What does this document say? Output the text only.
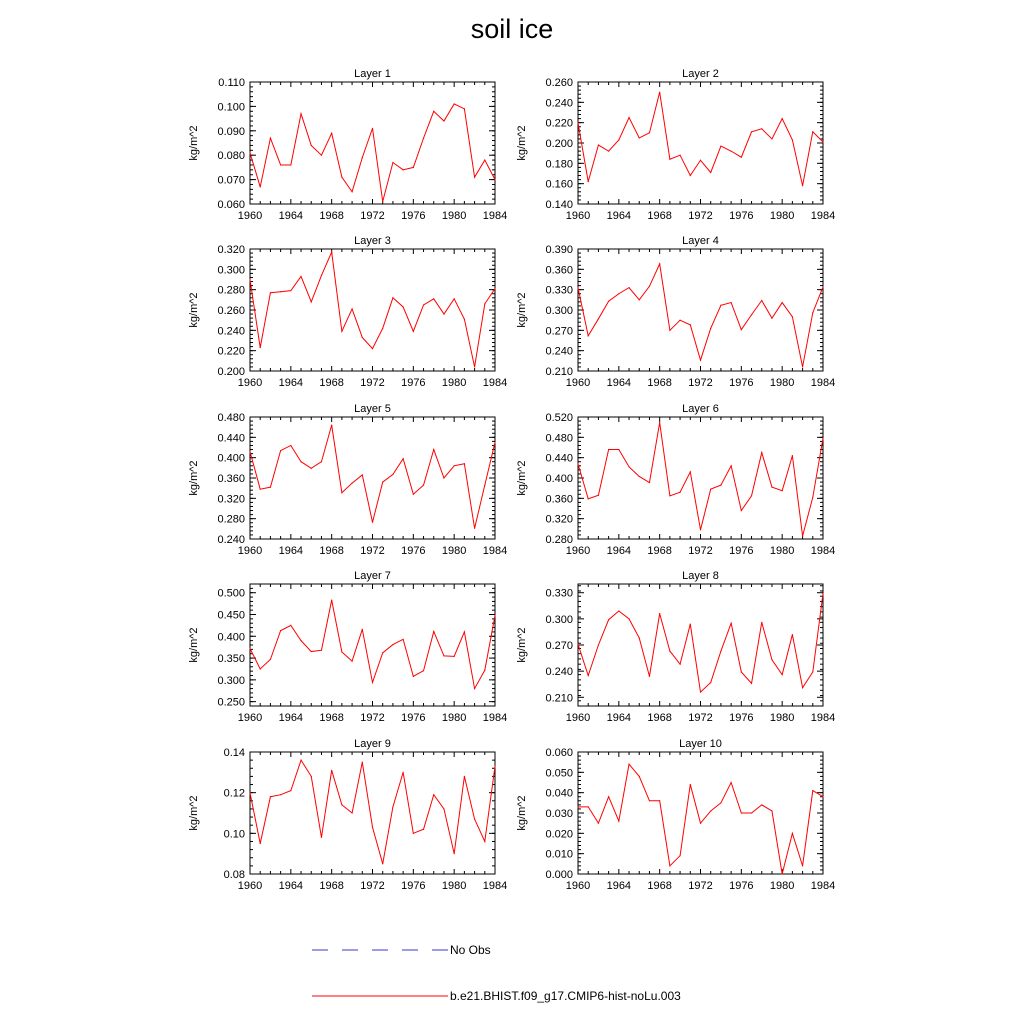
soil ice
Layer 1
kg/m^2
1960 1964 1968 1972 1976 1980 1984
0.060
0.070
0.080
0.090
0.100
0.110
Layer 2
kg/m^2
1960 1964 1968 1972 1976 1980 1984
0.140
0.160
0.180
0.200
0.220
0.240
0.260
Layer 3
kg/m^2
1960 1964 1968 1972 1976 1980 1984
0.200
0.220
0.240
0.260
0.280
0.300
0.320
Layer 4
kg/m^2
1960 1964 1968 1972 1976 1980 1984
0.210
0.240
0.270
0.300
0.330
0.360
0.390
Layer 5
kg/m^2
1960 1964 1968 1972 1976 1980 1984
0.240
0.280
0.320
0.360
0.400
0.440
0.480
Layer 6
kg/m^2
1960 1964 1968 1972 1976 1980 1984
0.280
0.320
0.360
0.400
0.440
0.480
0.520
Layer 7
kg/m^2
1960 1964 1968 1972 1976 1980 1984
0.250
0.300
0.350
0.400
0.450
0.500
Layer 8
kg/m^2
1960 1964 1968 1972 1976 1980 1984
0.210
0.240
0.270
0.300
0.330
Layer 9
kg/m^2
1960 1964 1968 1972 1976 1980 1984
0.08
0.10
0.12
0.14
Layer 10
kg/m^2
1960 1964 1968 1972 1976 1980 1984
0.000
0.010
0.020
0.030
0.040
0.050
0.060
No Obs
b.e21.BHIST.f09_g17.CMIP6-hist-noLu.003
